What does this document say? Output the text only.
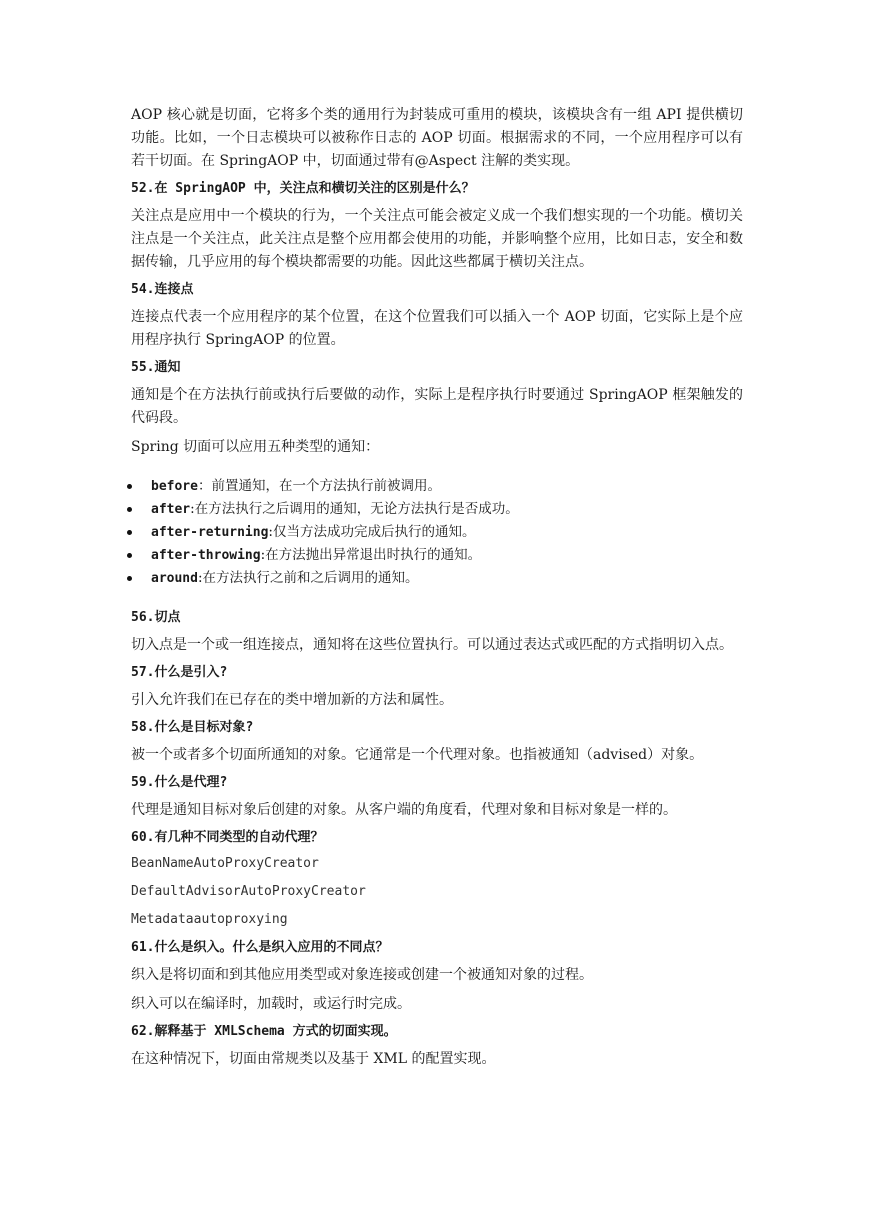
AOP 核心就是切面，它将多个类的通用行为封装成可重用的模块，该模块含有一组 API 提供横切功能。比如，一个日志模块可以被称作日志的 AOP 切面。根据需求的不同，一个应用程序可以有若干切面。在 SpringAOP 中，切面通过带有@Aspect 注解的类实现。

52.在 SpringAOP 中，关注点和横切关注的区别是什么？

关注点是应用中一个模块的行为，一个关注点可能会被定义成一个我们想实现的一个功能。横切关注点是一个关注点，此关注点是整个应用都会使用的功能，并影响整个应用，比如日志，安全和数据传输，几乎应用的每个模块都需要的功能。因此这些都属于横切关注点。

54.连接点

连接点代表一个应用程序的某个位置，在这个位置我们可以插入一个 AOP 切面，它实际上是个应用程序执行 SpringAOP 的位置。

55.通知

通知是个在方法执行前或执行后要做的动作，实际上是程序执行时要通过 SpringAOP 框架触发的代码段。

Spring 切面可以应用五种类型的通知：

before：前置通知，在一个方法执行前被调用。
after:在方法执行之后调用的通知，无论方法执行是否成功。
after-returning:仅当方法成功完成后执行的通知。
after-throwing:在方法抛出异常退出时执行的通知。
around:在方法执行之前和之后调用的通知。
56.切点

切入点是一个或一组连接点，通知将在这些位置执行。可以通过表达式或匹配的方式指明切入点。

57.什么是引入?

引入允许我们在已存在的类中增加新的方法和属性。

58.什么是目标对象?

被一个或者多个切面所通知的对象。它通常是一个代理对象。也指被通知（advised）对象。

59.什么是代理?

代理是通知目标对象后创建的对象。从客户端的角度看，代理对象和目标对象是一样的。

60.有几种不同类型的自动代理？
BeanNameAutoProxyCreator
DefaultAdvisorAutoProxyCreator
Metadataautoproxying
61.什么是织入。什么是织入应用的不同点？

织入是将切面和到其他应用类型或对象连接或创建一个被通知对象的过程。

织入可以在编译时，加载时，或运行时完成。

62.解释基于 XMLSchema 方式的切面实现。

在这种情况下，切面由常规类以及基于 XML 的配置实现。
